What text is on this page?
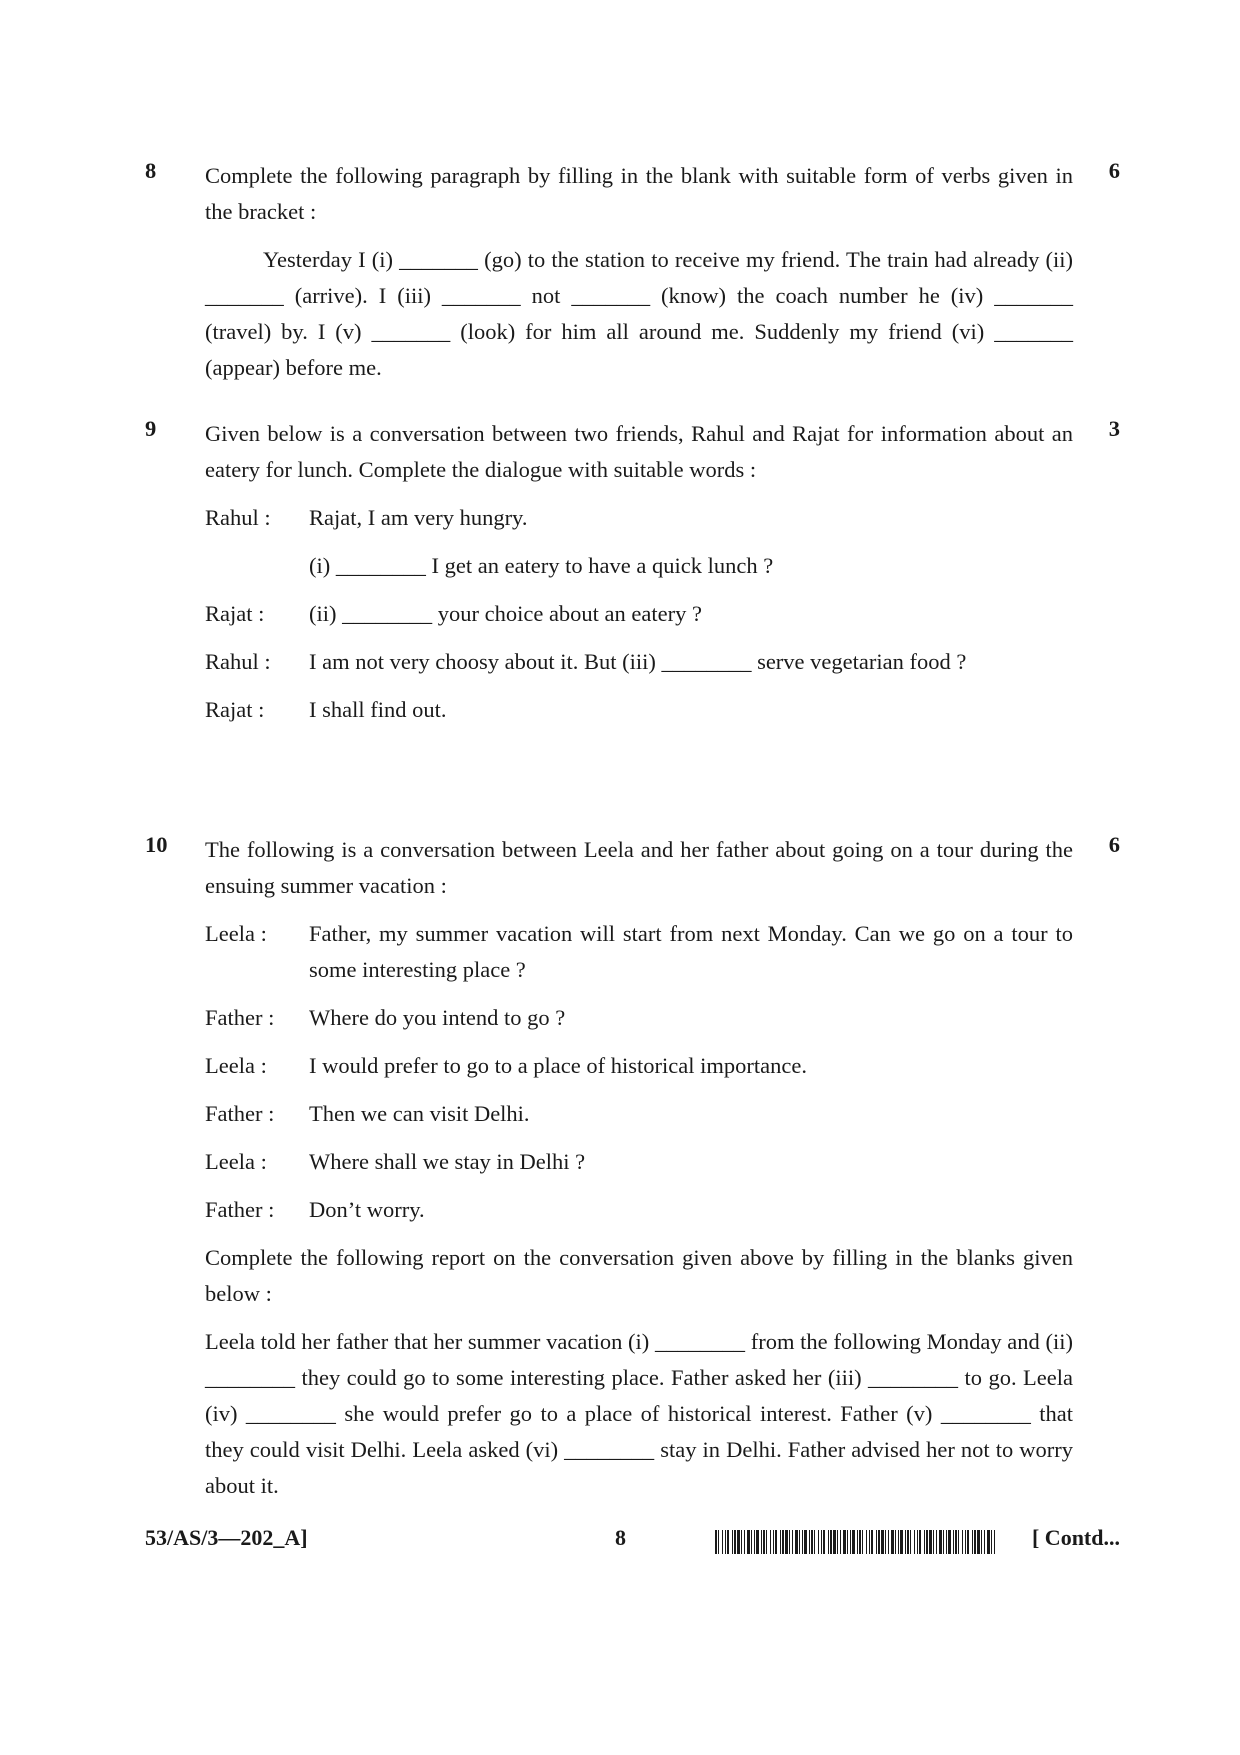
8	6

Complete the following paragraph by filling in the blank with suitable form of verbs given in the bracket :

Yesterday I (i) _______ (go) to the station to receive my friend. The train had already (ii) _______ (arrive). I (iii) _______ not _______ (know) the coach number he (iv) _______ (travel) by. I (v) _______ (look) for him all around me. Suddenly my friend (vi) _______ (appear) before me.

9	3

Given below is a conversation between two friends, Rahul and Rajat for information about an eatery for lunch. Complete the dialogue with suitable words :

Rahul :	Rajat, I am very hungry.
(i) ________ I get an eatery to have a quick lunch ?
Rajat :	(ii) ________ your choice about an eatery ?
Rahul :	I am not very choosy about it. But (iii) ________ serve vegetarian food ?
Rajat :	I shall find out.
10	6

The following is a conversation between Leela and her father about going on a tour during the ensuing summer vacation :

Leela :	Father, my summer vacation will start from next Monday. Can we go on a tour to some interesting place ?
Father :	Where do you intend to go ?
Leela :	I would prefer to go to a place of historical importance.
Father :	Then we can visit Delhi.
Leela :	Where shall we stay in Delhi ?
Father :	Don’t worry.

Complete the following report on the conversation given above by filling in the blanks given below :

Leela told her father that her summer vacation (i) ________ from the following Monday and (ii) ________ they could go to some interesting place. Father asked her (iii) ________ to go. Leela (iv) ________ she would prefer go to a place of historical interest. Father (v) ________ that they could visit Delhi. Leela asked (vi) ________ stay in Delhi. Father advised her not to worry about it.

53/AS/3—202_A]	8	[ Contd...
